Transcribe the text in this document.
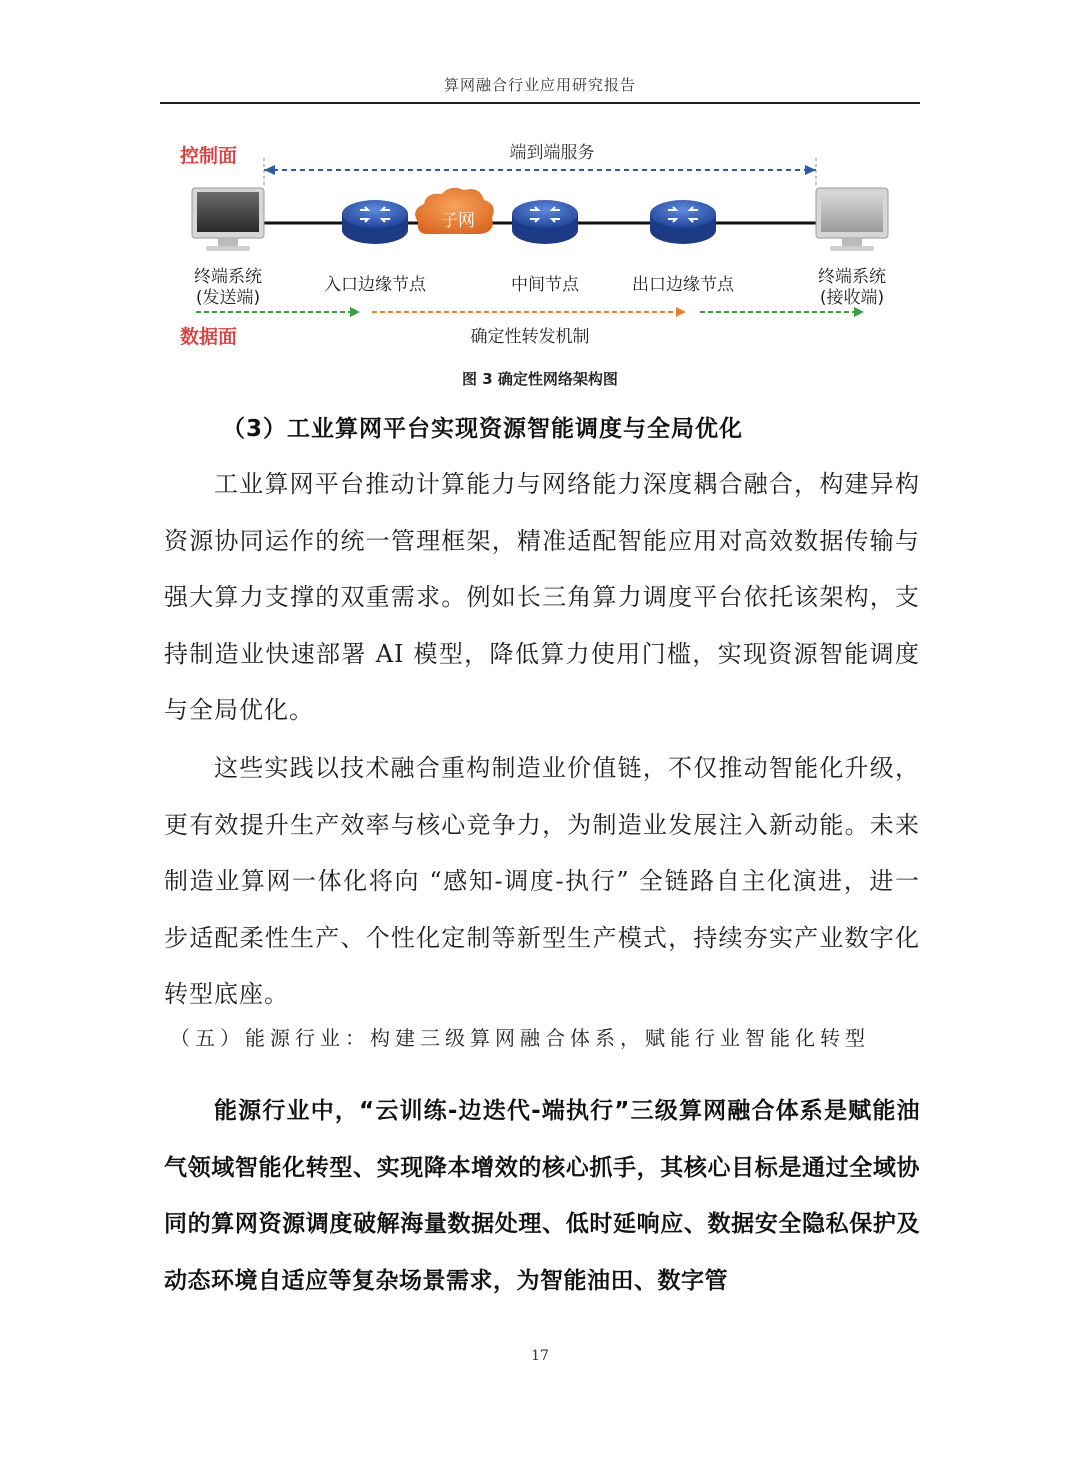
算网融合行业应用研究报告
控制面	端到端服务
子网
终端系统
(发送端)
入口边缘节点	中间节点	出口边缘节点	终端系统
(接收端)
数据面	确定性转发机制
图 3 确定性网络架构图
（3）工业算网平台实现资源智能调度与全局优化
工业算网平台推动计算能力与网络能力深度耦合融合，构建异构资源协同运作的统一管理框架，精准适配智能应用对高效数据传输与强大算力支撑的双重需求。例如长三角算力调度平台依托该架构，支持制造业快速部署 AI 模型，降低算力使用门槛，实现资源智能调度与全局优化。
这些实践以技术融合重构制造业价值链，不仅推动智能化升级，更有效提升生产效率与核心竞争力，为制造业发展注入新动能。未来制造业算网一体化将向 “感知-调度-执行” 全链路自主化演进，进一步适配柔性生产、个性化定制等新型生产模式，持续夯实产业数字化转型底座。
（五）能源行业：构建三级算网融合体系，赋能行业智能化转型
能源行业中，“云训练-边迭代-端执行”三级算网融合体系是赋能油气领域智能化转型、实现降本增效的核心抓手，其核心目标是通过全域协同的算网资源调度破解海量数据处理、低时延响应、数据安全隐私保护及动态环境自适应等复杂场景需求，为智能油田、数字管
17
